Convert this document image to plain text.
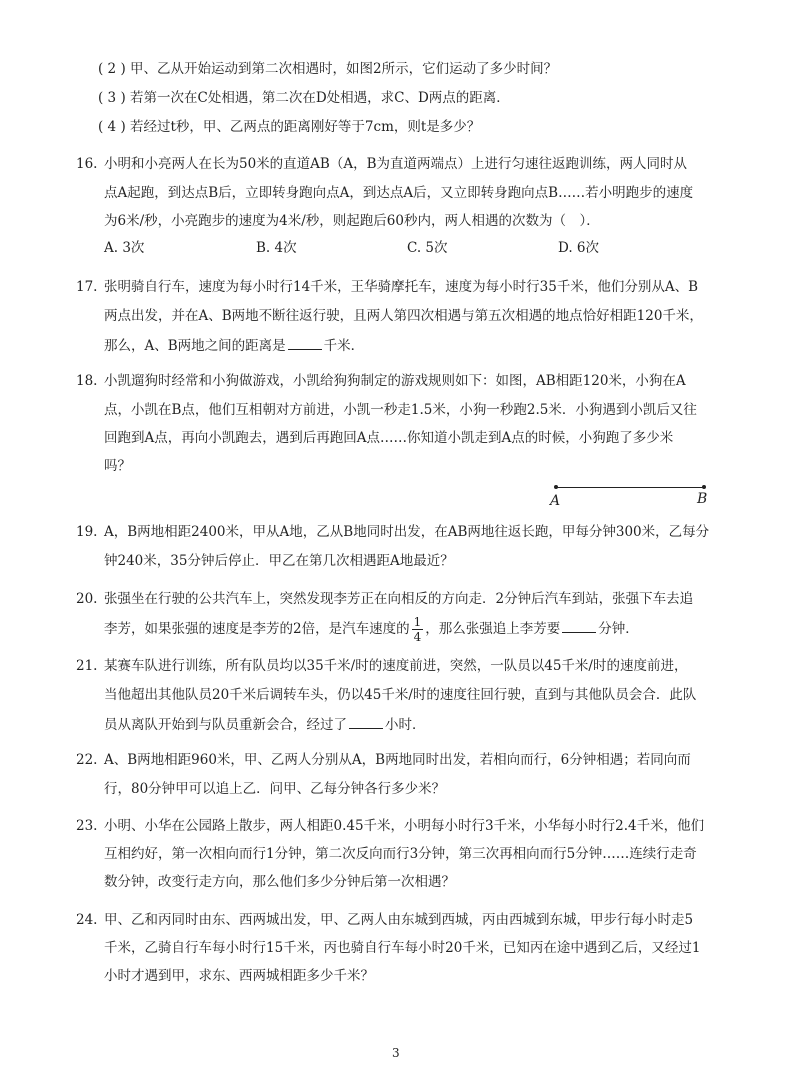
( 2 ) 甲、乙从开始运动到第二次相遇时，如图2所示，它们运动了多少时间？
( 3 ) 若第一次在C处相遇，第二次在D处相遇，求C、D两点的距离．
( 4 ) 若经过t秒，甲、乙两点的距离刚好等于7cm，则t是多少？
16. 小明和小亮两人在长为50米的直道AB（A，B为直道两端点）上进行匀速往返跑训练，两人同时从
点A起跑，到达点B后，立即转身跑向点A，到达点A后，又立即转身跑向点B……若小明跑步的速度
为6米/秒，小亮跑步的速度为4米/秒，则起跑后60秒内，两人相遇的次数为（　）．
A. 3次	B. 4次	C. 5次	D. 6次
17. 张明骑自行车，速度为每小时行14千米，王华骑摩托车，速度为每小时行35千米，他们分别从A、B
两点出发，并在A、B两地不断往返行驶，且两人第四次相遇与第五次相遇的地点恰好相距120千米，
那么，A、B两地之间的距离是	千米．
18. 小凯遛狗时经常和小狗做游戏，小凯给狗狗制定的游戏规则如下：如图，AB相距120米，小狗在A
点，小凯在B点，他们互相朝对方前进，小凯一秒走1.5米，小狗一秒跑2.5米．小狗遇到小凯后又往
回跑到A点，再向小凯跑去，遇到后再跑回A点……你知道小凯走到A点的时候，小狗跑了多少米
吗？
A	B
19. A，B两地相距2400米，甲从A地，乙从B地同时出发，在AB两地往返长跑，甲每分钟300米，乙每分
钟240米，35分钟后停止．甲乙在第几次相遇距A地最近？
20. 张强坐在行驶的公共汽车上，突然发现李芳正在向相反的方向走．2分钟后汽车到站，张强下车去追
李芳，如果张强的速度是李芳的2倍，是汽车速度的 $\frac{1}{4}$ ，那么张强追上李芳要	分钟．
21. 某赛车队进行训练，所有队员均以35千米/时的速度前进，突然，一队员以45千米/时的速度前进，
当他超出其他队员20千米后调转车头，仍以45千米/时的速度往回行驶，直到与其他队员会合．此队
员从离队开始到与队员重新会合，经过了	小时．
22. A、B两地相距960米，甲、乙两人分别从A，B两地同时出发，若相向而行，6分钟相遇；若同向而
行，80分钟甲可以追上乙．问甲、乙每分钟各行多少米？
23. 小明、小华在公园路上散步，两人相距0.45千米，小明每小时行3千米，小华每小时行2.4千米，他们
互相约好，第一次相向而行1分钟，第二次反向而行3分钟，第三次再相向而行5分钟……连续行走奇
数分钟，改变行走方向，那么他们多少分钟后第一次相遇？
24. 甲、乙和丙同时由东、西两城出发，甲、乙两人由东城到西城，丙由西城到东城，甲步行每小时走5
千米，乙骑自行车每小时行15千米，丙也骑自行车每小时20千米，已知丙在途中遇到乙后，又经过1
小时才遇到甲，求东、西两城相距多少千米？
3
